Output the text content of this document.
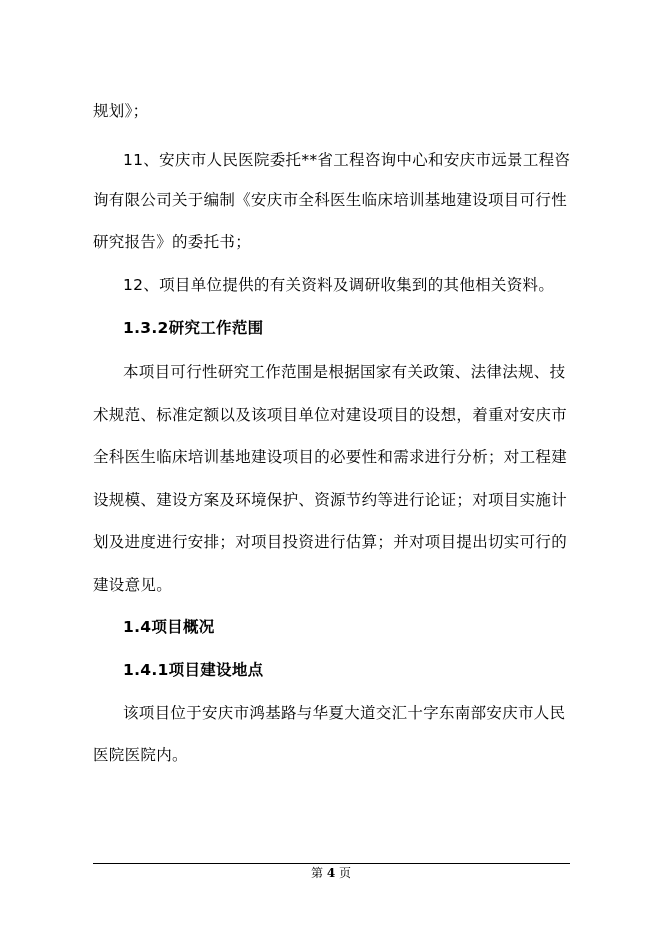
规划》；
11、安庆市人民医院委托**省工程咨询中心和安庆市远景工程咨
询有限公司关于编制《安庆市全科医生临床培训基地建设项目可行性
研究报告》的委托书；
12、项目单位提供的有关资料及调研收集到的其他相关资料。
1.3.2研究工作范围
本项目可行性研究工作范围是根据国家有关政策、法律法规、技
术规范、标准定额以及该项目单位对建设项目的设想，着重对安庆市
全科医生临床培训基地建设项目的必要性和需求进行分析；对工程建
设规模、建设方案及环境保护、资源节约等进行论证；对项目实施计
划及进度进行安排；对项目投资进行估算；并对项目提出切实可行的
建设意见。
1.4项目概况
1.4.1项目建设地点
该项目位于安庆市鸿基路与华夏大道交汇十字东南部安庆市人民
医院医院内。
第 4 页
